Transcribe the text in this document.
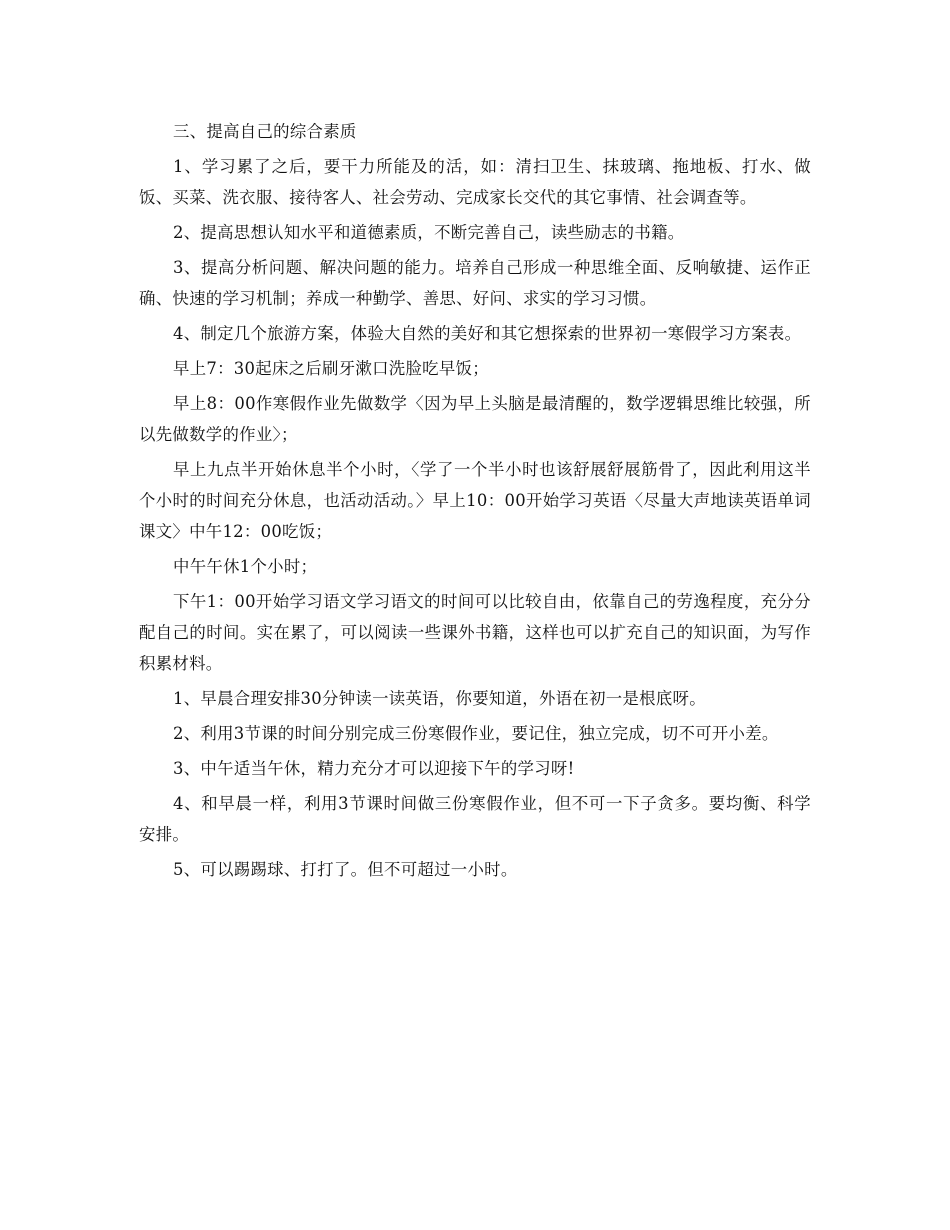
三、提高自己的综合素质

1、学习累了之后，要干力所能及的活，如：清扫卫生、抹玻璃、拖地板、打水、做饭、买菜、洗衣服、接待客人、社会劳动、完成家长交代的其它事情、社会调查等。

2、提高思想认知水平和道德素质，不断完善自己，读些励志的书籍。

3、提高分析问题、解决问题的能力。培养自己形成一种思维全面、反响敏捷、运作正确、快速的学习机制；养成一种勤学、善思、好问、求实的学习习惯。

4、制定几个旅游方案，体验大自然的美好和其它想探索的世界初一寒假学习方案表。

早上7：30起床之后刷牙漱口洗脸吃早饭；

早上8：00作寒假作业先做数学〈因为早上头脑是最清醒的，数学逻辑思维比较强，所以先做数学的作业〉；

早上九点半开始休息半个小时，〈学了一个半小时也该舒展舒展筋骨了，因此利用这半个小时的时间充分休息，也活动活动。〉早上10：00开始学习英语〈尽量大声地读英语单词课文〉中午12：00吃饭；

中午午休1个小时；

下午1：00开始学习语文学习语文的时间可以比较自由，依靠自己的劳逸程度，充分分配自己的时间。实在累了，可以阅读一些课外书籍，这样也可以扩充自己的知识面，为写作积累材料。

1、早晨合理安排30分钟读一读英语，你要知道，外语在初一是根底呀。

2、利用3节课的时间分别完成三份寒假作业，要记住，独立完成，切不可开小差。

3、中午适当午休，精力充分才可以迎接下午的学习呀!

4、和早晨一样，利用3节课时间做三份寒假作业，但不可一下子贪多。要均衡、科学安排。

5、可以踢踢球、打打了。但不可超过一小时。
